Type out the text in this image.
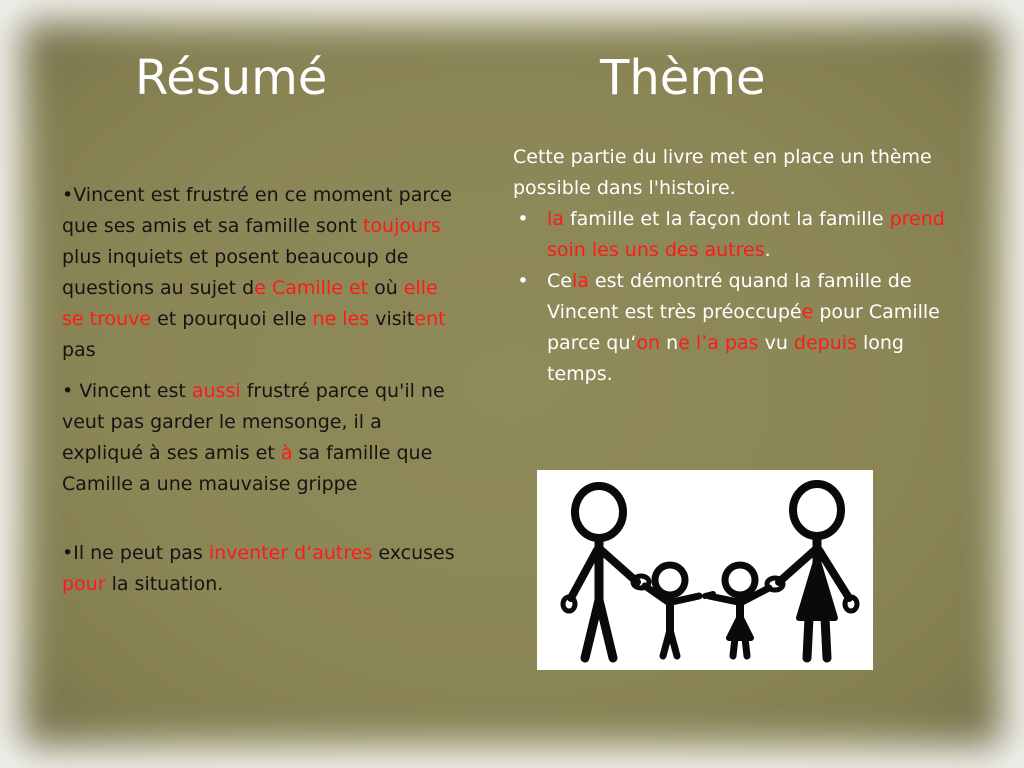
Résumé	Thème

•Vincent est frustré en ce moment parce que ses amis et sa famille sont toujours plus inquiets et posent beaucoup de questions au sujet de Camille et où elle se trouve et pourquoi elle ne les visitent pas

• Vincent est aussi frustré parce qu'il ne veut pas garder le mensonge, il a expliqué à ses amis et à sa famille que Camille a une mauvaise grippe

•Il ne peut pas inventer d‘autres excuses pour la situation.

Cette partie du livre met en place un thème possible dans l'histoire.

• la famille et la façon dont la famille prend soin les uns des autres.
• Cela est démontré quand la famille de Vincent est très préoccupée pour Camille parce qu‘on ne l’a pas vu depuis long temps.
